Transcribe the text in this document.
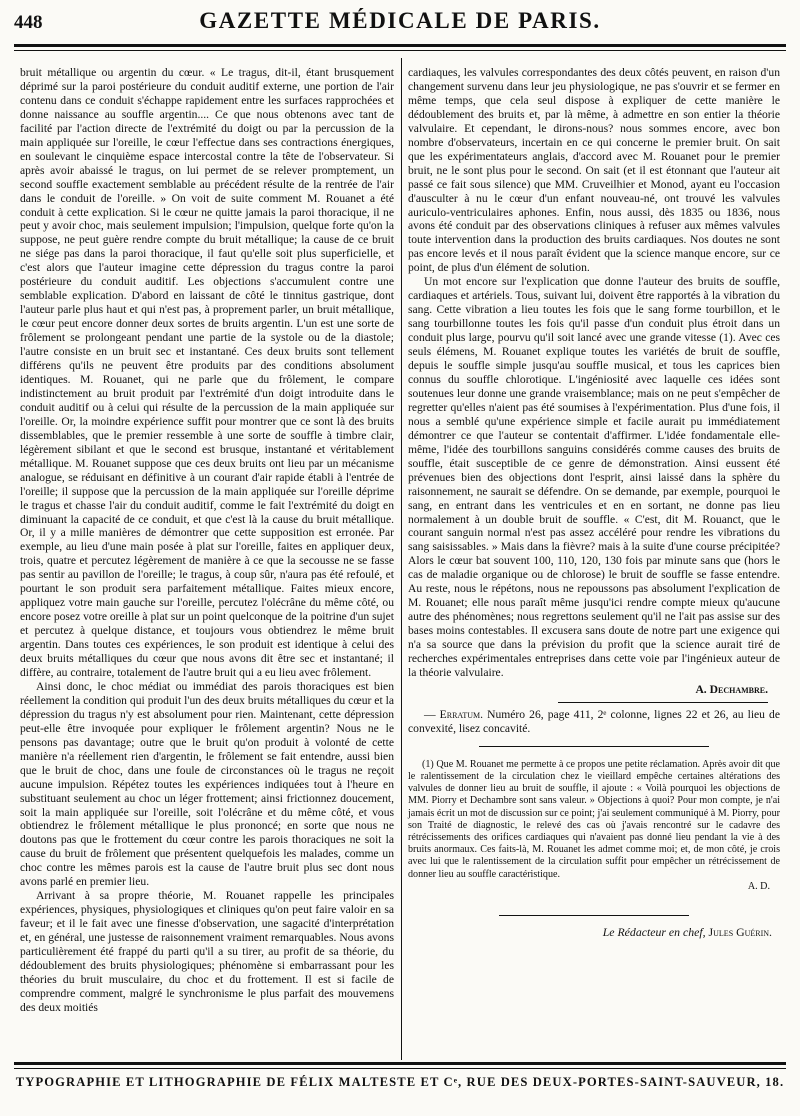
448	GAZETTE MÉDICALE DE PARIS.

bruit métallique ou argentin du cœur. « Le tragus, dit-il, étant brusquement déprimé sur la paroi postérieure du conduit auditif externe, une portion de l'air contenu dans ce conduit s'échappe rapidement entre les surfaces rapprochées et donne naissance au souffle argentin.... Ce que nous obtenons avec tant de facilité par l'action directe de l'extrémité du doigt ou par la percussion de la main appliquée sur l'oreille, le cœur l'effectue dans ses contractions énergiques, en soulevant le cinquième espace intercostal contre la tête de l'observateur. Si après avoir abaissé le tragus, on lui permet de se relever promptement, un second souffle exactement semblable au précédent résulte de la rentrée de l'air dans le conduit de l'oreille. » On voit de suite comment M. Rouanet a été conduit à cette explication. Si le cœur ne quitte jamais la paroi thoracique, il ne peut y avoir choc, mais seulement impulsion; l'impulsion, quelque forte qu'on la suppose, ne peut guère rendre compte du bruit métallique; la cause de ce bruit ne siége pas dans la paroi thoracique, il faut qu'elle soit plus superficielle, et c'est alors que l'auteur imagine cette dépression du tragus contre la paroi postérieure du conduit auditif. Les objections s'accumulent contre une semblable explication. D'abord en laissant de côté le tinnitus gastrique, dont l'auteur parle plus haut et qui n'est pas, à proprement parler, un bruit métallique, le cœur peut encore donner deux sortes de bruits argentin. L'un est une sorte de frôlement se prolongeant pendant une partie de la systole ou de la diastole; l'autre consiste en un bruit sec et instantané. Ces deux bruits sont tellement différens qu'ils ne peuvent être produits par des conditions absolument identiques. M. Rouanet, qui ne parle que du frôlement, le compare indistinctement au bruit produit par l'extrémité d'un doigt introduite dans le conduit auditif ou à celui qui résulte de la percussion de la main appliquée sur l'oreille. Or, la moindre expérience suffit pour montrer que ce sont là des bruits dissemblables, que le premier ressemble à une sorte de souffle à timbre clair, légèrement sibilant et que le second est brusque, instantané et véritablement métallique. M. Rouanet suppose que ces deux bruits ont lieu par un mécanisme analogue, se réduisant en définitive à un courant d'air rapide établi à l'entrée de l'oreille; il suppose que la percussion de la main appliquée sur l'oreille déprime le tragus et chasse l'air du conduit auditif, comme le fait l'extrémité du doigt en diminuant la capacité de ce conduit, et que c'est là la cause du bruit métallique. Or, il y a mille manières de démontrer que cette supposition est erronée. Par exemple, au lieu d'une main posée à plat sur l'oreille, faites en appliquer deux, trois, quatre et percutez légèrement de manière à ce que la secousse ne se fasse pas sentir au pavillon de l'oreille; le tragus, à coup sûr, n'aura pas été refoulé, et pourtant le son produit sera parfaitement métallique. Faites mieux encore, appliquez votre main gauche sur l'oreille, percutez l'olécrâne du même côté, ou encore posez votre oreille à plat sur un point quelconque de la poitrine d'un sujet et percutez à quelque distance, et toujours vous obtiendrez le même bruit argentin. Dans toutes ces expériences, le son produit est identique à celui des deux bruits métalliques du cœur que nous avons dit être sec et instantané; il diffère, au contraire, totalement de l'autre bruit qui a eu lieu avec frôlement.

Ainsi donc, le choc médiat ou immédiat des parois thoraciques est bien réellement la condition qui produit l'un des deux bruits métalliques du cœur et la dépression du tragus n'y est absolument pour rien. Maintenant, cette dépression peut-elle être invoquée pour expliquer le frôlement argentin? Nous ne le pensons pas davantage; outre que le bruit qu'on produit à volonté de cette manière n'a réellement rien d'argentin, le frôlement se fait entendre, aussi bien que le bruit de choc, dans une foule de circonstances où le tragus ne reçoit aucune impulsion. Répétez toutes les expériences indiquées tout à l'heure en substituant seulement au choc un léger frottement; ainsi frictionnez doucement, soit la main appliquée sur l'oreille, soit l'olécrâne et du même côté, et vous obtiendrez le frôlement métallique le plus prononcé; en sorte que nous ne doutons pas que le frottement du cœur contre les parois thoraciques ne soit la cause du bruit de frôlement que présentent quelquefois les malades, comme un choc contre les mêmes parois est la cause de l'autre bruit plus sec dont nous avons parlé en premier lieu.

Arrivant à sa propre théorie, M. Rouanet rappelle les principales expériences, physiques, physiologiques et cliniques qu'on peut faire valoir en sa faveur; et il le fait avec une finesse d'observation, une sagacité d'interprétation et, en général, une justesse de raisonnement vraiment remarquables. Nous avons particulièrement été frappé du parti qu'il a su tirer, au profit de sa théorie, du dédoublement des bruits physiologiques; phénomène si embarrassant pour les théories du bruit musculaire, du choc et du frottement. Il est si facile de comprendre comment, malgré le synchronisme le plus parfait des mouvemens des deux moitiés

cardiaques, les valvules correspondantes des deux côtés peuvent, en raison d'un changement survenu dans leur jeu physiologique, ne pas s'ouvrir et se fermer en même temps, que cela seul dispose à expliquer de cette manière le dédoublement des bruits et, par là même, à admettre en son entier la théorie valvulaire. Et cependant, le dirons-nous? nous sommes encore, avec bon nombre d'observateurs, incertain en ce qui concerne le premier bruit. On sait que les expérimentateurs anglais, d'accord avec M. Rouanet pour le premier bruit, ne le sont plus pour le second. On sait (et il est étonnant que l'auteur ait passé ce fait sous silence) que MM. Cruveilhier et Monod, ayant eu l'occasion d'ausculter à nu le cœur d'un enfant nouveau-né, ont trouvé les valvules auriculo-ventriculaires aphones. Enfin, nous aussi, dès 1835 ou 1836, nous avons été conduit par des observations cliniques à refuser aux mêmes valvules toute intervention dans la production des bruits cardiaques. Nos doutes ne sont pas encore levés et il nous paraît évident que la science manque encore, sur ce point, de plus d'un élément de solution.

Un mot encore sur l'explication que donne l'auteur des bruits de souffle, cardiaques et artériels. Tous, suivant lui, doivent être rapportés à la vibration du sang. Cette vibration a lieu toutes les fois que le sang forme tourbillon, et le sang tourbillonne toutes les fois qu'il passe d'un conduit plus étroit dans un conduit plus large, pourvu qu'il soit lancé avec une grande vitesse (1). Avec ces seuls élémens, M. Rouanet explique toutes les variétés de bruit de souffle, depuis le souffle simple jusqu'au souffle musical, et tous les caprices bien connus du souffle chlorotique. L'ingéniosité avec laquelle ces idées sont soutenues leur donne une grande vraisemblance; mais on ne peut s'empêcher de regretter qu'elles n'aient pas été soumises à l'expérimentation. Plus d'une fois, il nous a semblé qu'une expérience simple et facile aurait pu immédiatement démontrer ce que l'auteur se contentait d'affirmer. L'idée fondamentale elle-même, l'idée des tourbillons sanguins considérés comme causes des bruits de souffle, était susceptible de ce genre de démonstration. Ainsi eussent été prévenues bien des objections dont l'esprit, ainsi laissé dans la sphère du raisonnement, ne saurait se défendre. On se demande, par exemple, pourquoi le sang, en entrant dans les ventricules et en en sortant, ne donne pas lieu normalement à un double bruit de souffle. « C'est, dit M. Rouanct, que le courant sanguin normal n'est pas assez accéléré pour rendre les vibrations du sang saisissables. » Mais dans la fièvre? mais à la suite d'une course précipitée? Alors le cœur bat souvent 100, 110, 120, 130 fois par minute sans que (hors le cas de maladie organique ou de chlorose) le bruit de souffle se fasse entendre. Au reste, nous le répétons, nous ne repoussons pas absolument l'explication de M. Rouanet; elle nous paraît même jusqu'ici rendre compte mieux qu'aucune autre des phénomènes; nous regrettons seulement qu'il ne l'ait pas assise sur des bases moins contestables. Il excusera sans doute de notre part une exigence qui n'a sa source que dans la prévision du profit que la science aurait tiré de recherches expérimentales entreprises dans cette voie par l'ingénieux auteur de la théorie valvulaire.

A. Dechambre.

— Erratum. Numéro 26, page 411, 2ᵉ colonne, lignes 22 et 26, au lieu de convexité, lisez concavité.

(1) Que M. Rouanet me permette à ce propos une petite réclamation. Après avoir dit que le ralentissement de la circulation chez le vieillard empêche certaines altérations des valvules de donner lieu au bruit de souffle, il ajoute : « Voilà pourquoi les objections de MM. Piorry et Dechambre sont sans valeur. » Objections à quoi? Pour mon compte, je n'ai jamais écrit un mot de discussion sur ce point; j'ai seulement communiqué à M. Piorry, pour son Traité de diagnostic, le relevé des cas où j'avais rencontré sur le cadavre des rétrécissements des orifices cardiaques qui n'avaient pas donné lieu pendant la vie à des bruits anormaux. Ces faits-là, M. Rouanet les admet comme moi; et, de mon côté, je crois avec lui que le ralentissement de la circulation suffit pour empêcher un rétrécissement de donner lieu au souffle caractéristique.

A. D.
Le Rédacteur en chef, Jules Guérin.
TYPOGRAPHIE ET LITHOGRAPHIE DE FÉLIX MALTESTE ET Cᵉ, RUE DES DEUX-PORTES-SAINT-SAUVEUR, 18.
